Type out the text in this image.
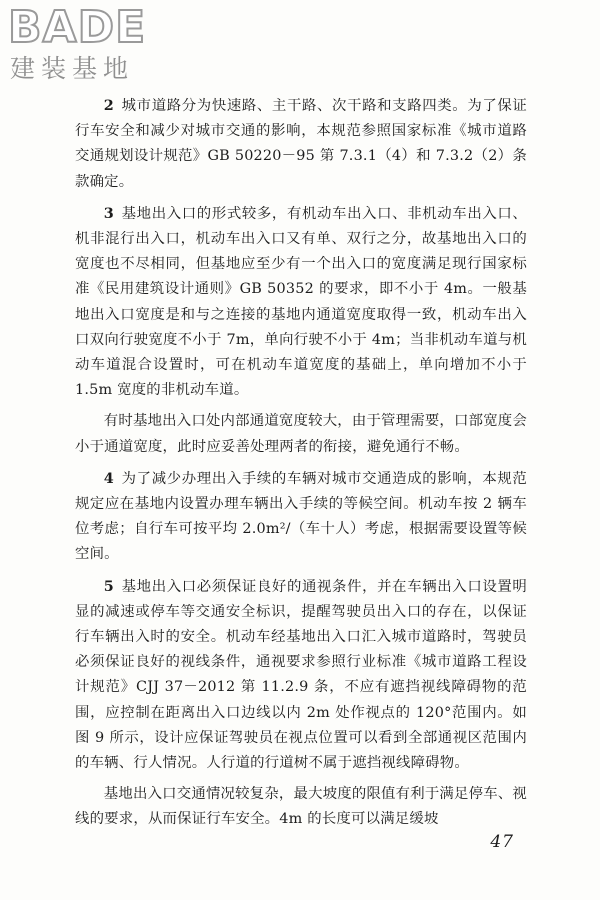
BADE
建装基地

2 城市道路分为快速路、主干路、次干路和支路四类。为了保证行车安全和减少对城市交通的影响，本规范参照国家标准《城市道路交通规划设计规范》GB 50220－95 第 7.3.1（4）和 7.3.2（2）条款确定。

3 基地出入口的形式较多，有机动车出入口、非机动车出入口、机非混行出入口，机动车出入口又有单、双行之分，故基地出入口的宽度也不尽相同，但基地应至少有一个出入口的宽度满足现行国家标准《民用建筑设计通则》GB 50352 的要求，即不小于 4m。一般基地出入口宽度是和与之连接的基地内通道宽度取得一致，机动车出入口双向行驶宽度不小于 7m，单向行驶不小于 4m；当非机动车道与机动车道混合设置时，可在机动车道宽度的基础上，单向增加不小于 1.5m 宽度的非机动车道。

有时基地出入口处内部通道宽度较大，由于管理需要，口部宽度会小于通道宽度，此时应妥善处理两者的衔接，避免通行不畅。

4 为了减少办理出入手续的车辆对城市交通造成的影响，本规范规定应在基地内设置办理车辆出入手续的等候空间。机动车按 2 辆车位考虑；自行车可按平均 2.0m²/（车十人）考虑，根据需要设置等候空间。

5 基地出入口必须保证良好的通视条件，并在车辆出入口设置明显的减速或停车等交通安全标识，提醒驾驶员出入口的存在，以保证行车辆出入时的安全。机动车经基地出入口汇入城市道路时，驾驶员必须保证良好的视线条件，通视要求参照行业标准《城市道路工程设计规范》CJJ 37－2012 第 11.2.9 条，不应有遮挡视线障碍物的范围，应控制在距离出入口边线以内 2m 处作视点的 120°范围内。如图 9 所示，设计应保证驾驶员在视点位置可以看到全部通视区范围内的车辆、行人情况。人行道的行道树不属于遮挡视线障碍物。

基地出入口交通情况较复杂，最大坡度的限值有利于满足停车、视线的要求，从而保证行车安全。4m 的长度可以满足缓坡

47
